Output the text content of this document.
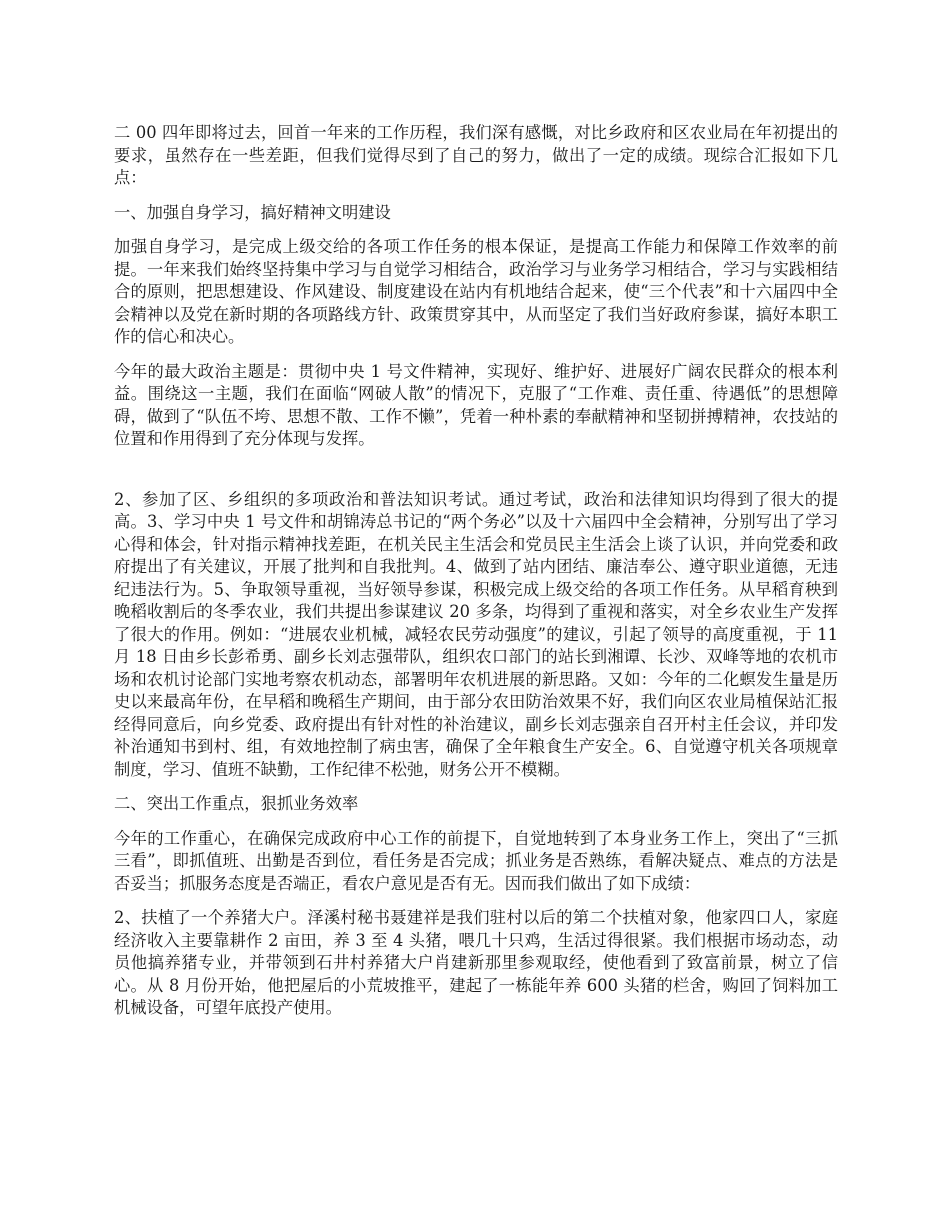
二 00 四年即将过去，回首一年来的工作历程，我们深有感慨，对比乡政府和区农业局在年初提出的要求，虽然存在一些差距，但我们觉得尽到了自己的努力，做出了一定的成绩。现综合汇报如下几点：

一、加强自身学习，搞好精神文明建设

加强自身学习，是完成上级交给的各项工作任务的根本保证，是提高工作能力和保障工作效率的前提。一年来我们始终坚持集中学习与自觉学习相结合，政治学习与业务学习相结合，学习与实践相结合的原则，把思想建设、作风建设、制度建设在站内有机地结合起来，使“三个代表”和十六届四中全会精神以及党在新时期的各项路线方针、政策贯穿其中，从而坚定了我们当好政府参谋，搞好本职工作的信心和决心。

今年的最大政治主题是：贯彻中央 1 号文件精神，实现好、维护好、进展好广阔农民群众的根本利益。围绕这一主题，我们在面临“网破人散”的情况下，克服了“工作难、责任重、待遇低”的思想障碍，做到了“队伍不垮、思想不散、工作不懒”，凭着一种朴素的奉献精神和坚韧拼搏精神，农技站的位置和作用得到了充分体现与发挥。

2、参加了区、乡组织的多项政治和普法知识考试。通过考试，政治和法律知识均得到了很大的提高。3、学习中央 1 号文件和胡锦涛总书记的“两个务必”以及十六届四中全会精神，分别写出了学习心得和体会，针对指示精神找差距，在机关民主生活会和党员民主生活会上谈了认识，并向党委和政府提出了有关建议，开展了批判和自我批判。4、做到了站内团结、廉洁奉公、遵守职业道德，无违纪违法行为。5、争取领导重视，当好领导参谋，积极完成上级交给的各项工作任务。从早稻育秧到晚稻收割后的冬季农业，我们共提出参谋建议 20 多条，均得到了重视和落实，对全乡农业生产发挥了很大的作用。例如：“进展农业机械，减轻农民劳动强度”的建议，引起了领导的高度重视，于 11 月 18 日由乡长彭希勇、副乡长刘志强带队，组织农口部门的站长到湘谭、长沙、双峰等地的农机市场和农机讨论部门实地考察农机动态，部署明年农机进展的新思路。又如：今年的二化螟发生量是历史以来最高年份，在早稻和晚稻生产期间，由于部分农田防治效果不好，我们向区农业局植保站汇报经得同意后，向乡党委、政府提出有针对性的补治建议，副乡长刘志强亲自召开村主任会议，并印发补治通知书到村、组，有效地控制了病虫害，确保了全年粮食生产安全。6、自觉遵守机关各项规章制度，学习、值班不缺勤，工作纪律不松弛，财务公开不模糊。

二、突出工作重点，狠抓业务效率

今年的工作重心，在确保完成政府中心工作的前提下，自觉地转到了本身业务工作上，突出了“三抓三看”，即抓值班、出勤是否到位，看任务是否完成；抓业务是否熟练，看解决疑点、难点的方法是否妥当；抓服务态度是否端正，看农户意见是否有无。因而我们做出了如下成绩：

2、扶植了一个养猪大户。泽溪村秘书聂建祥是我们驻村以后的第二个扶植对象，他家四口人，家庭经济收入主要靠耕作 2 亩田，养 3 至 4 头猪，喂几十只鸡，生活过得很紧。我们根据市场动态，动员他搞养猪专业，并带领到石井村养猪大户肖建新那里参观取经，使他看到了致富前景，树立了信心。从 8 月份开始，他把屋后的小荒坡推平，建起了一栋能年养 600 头猪的栏舍，购回了饲料加工机械设备，可望年底投产使用。
